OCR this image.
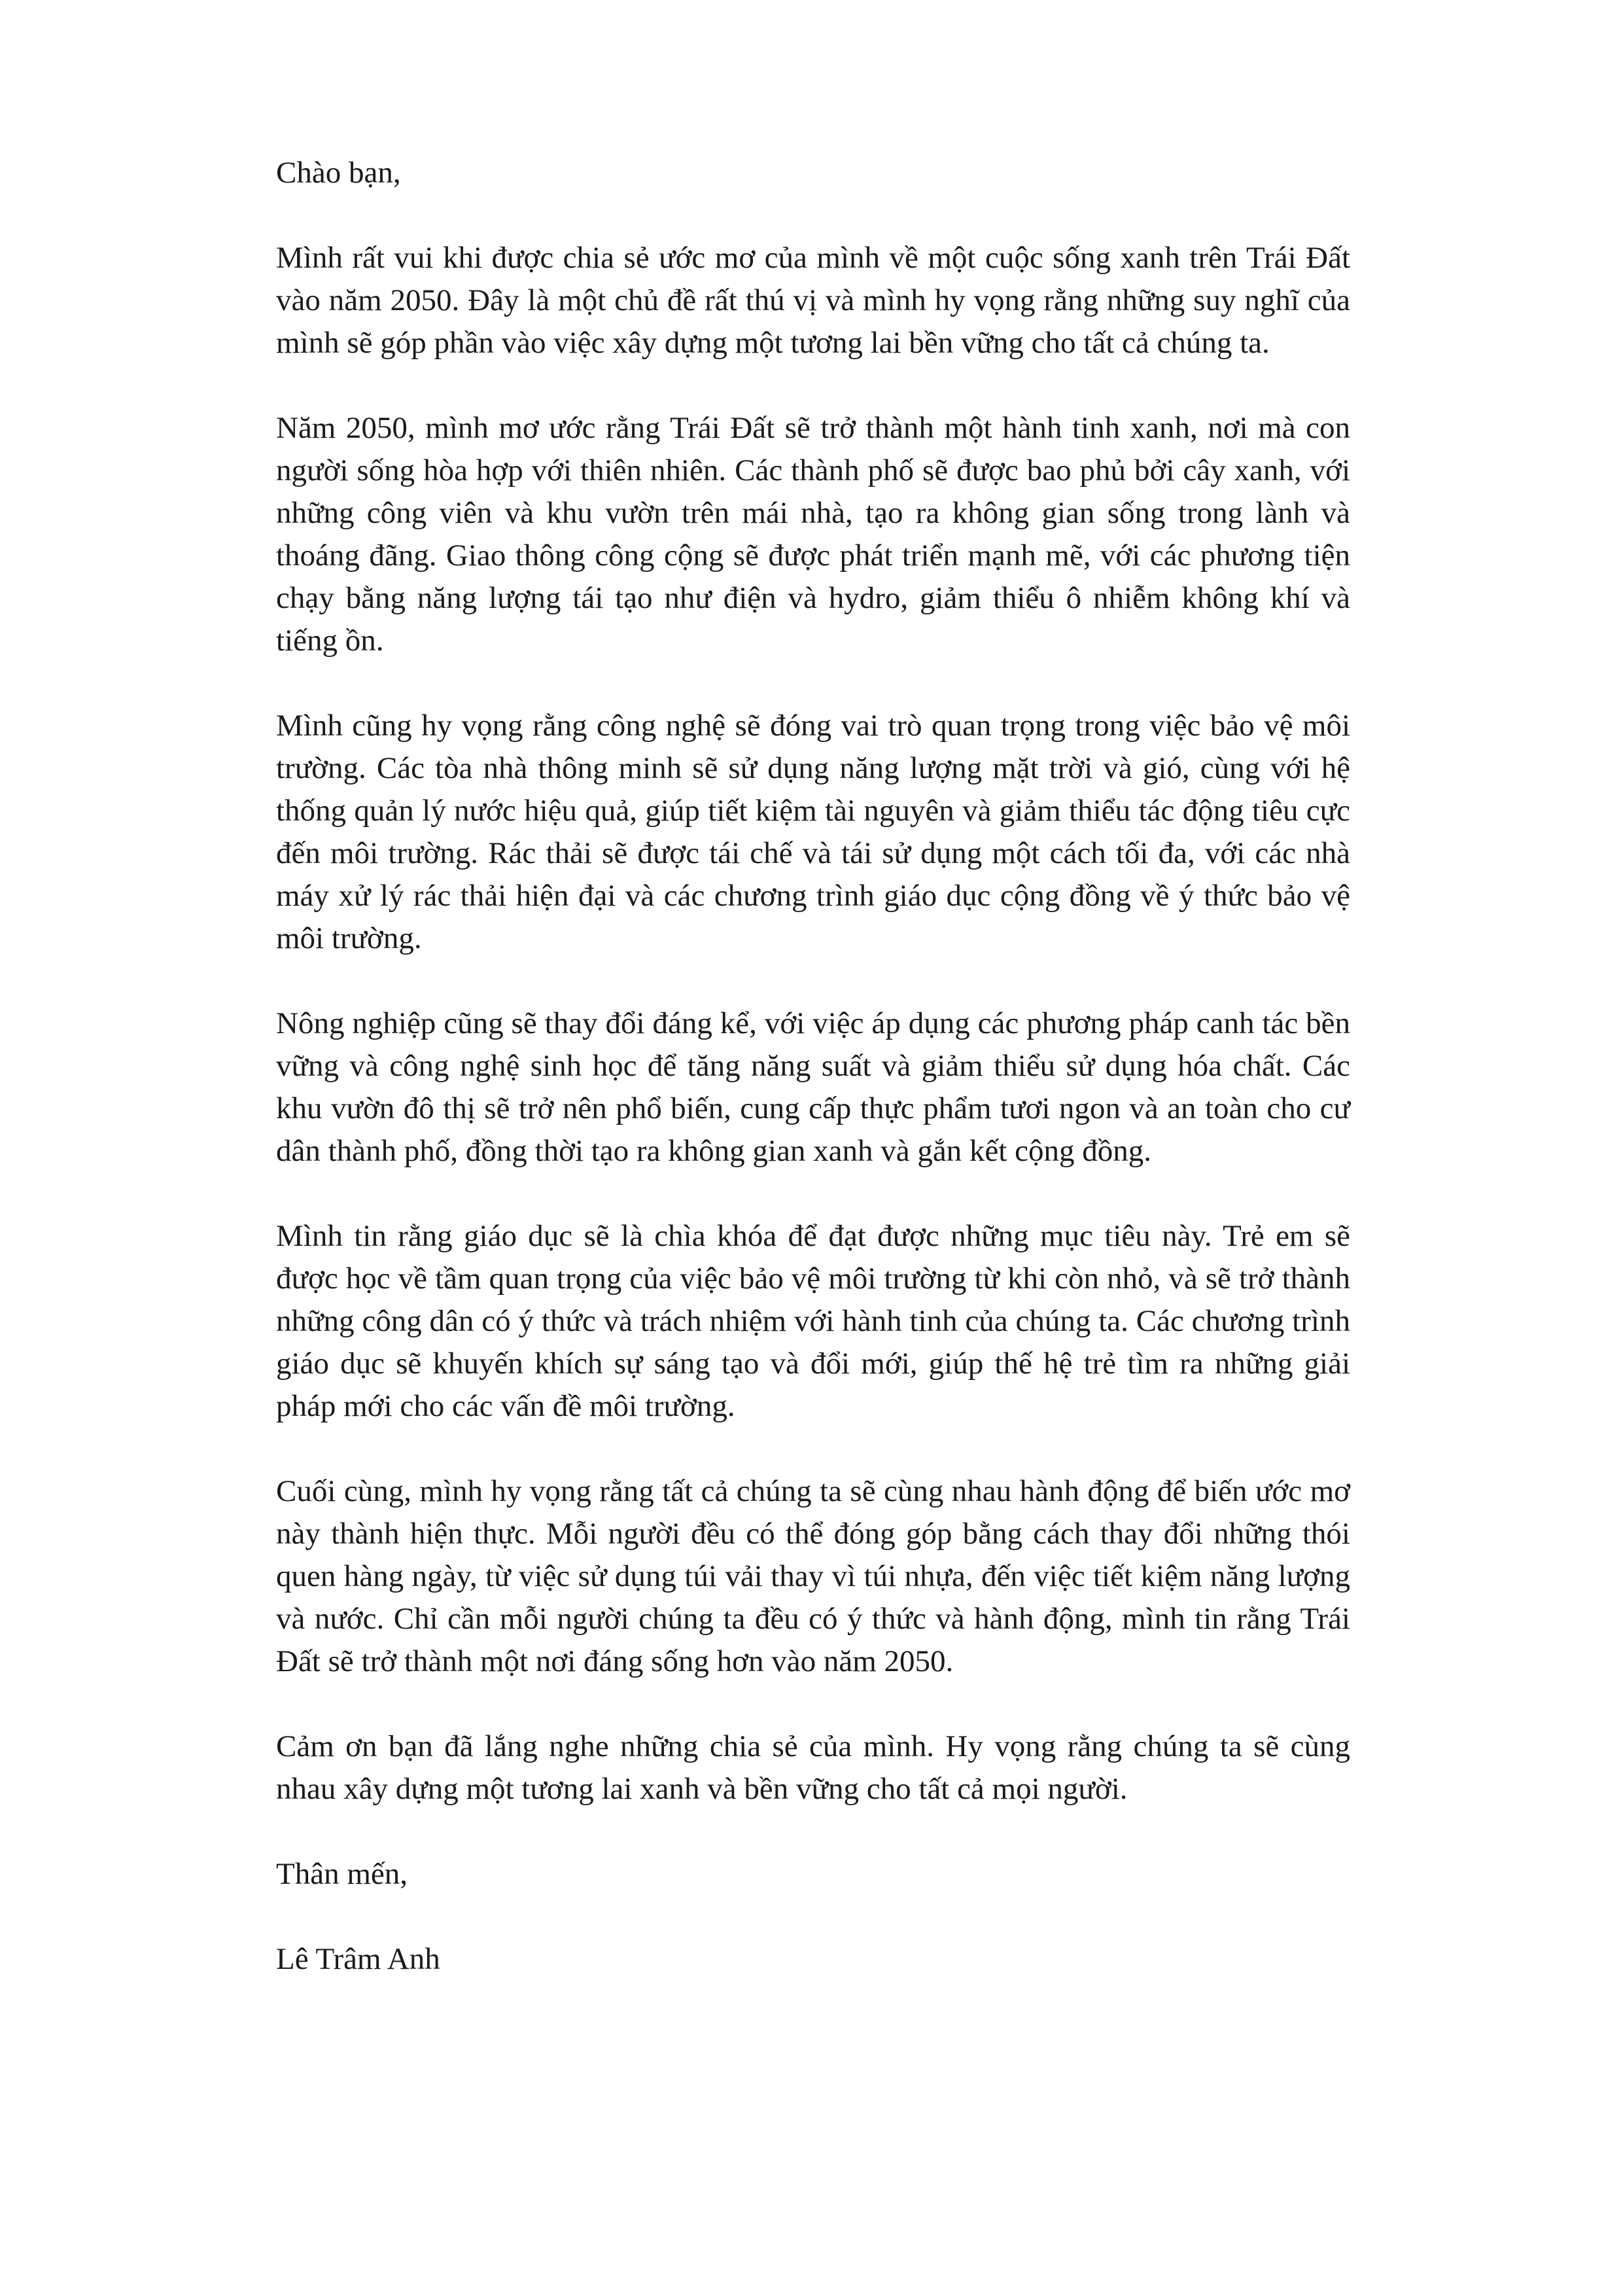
Chào bạn,

Mình rất vui khi được chia sẻ ước mơ của mình về một cuộc sống xanh trên Trái Đất vào năm 2050. Đây là một chủ đề rất thú vị và mình hy vọng rằng những suy nghĩ của mình sẽ góp phần vào việc xây dựng một tương lai bền vững cho tất cả chúng ta.

Năm 2050, mình mơ ước rằng Trái Đất sẽ trở thành một hành tinh xanh, nơi mà con người sống hòa hợp với thiên nhiên. Các thành phố sẽ được bao phủ bởi cây xanh, với những công viên và khu vườn trên mái nhà, tạo ra không gian sống trong lành và thoáng đãng. Giao thông công cộng sẽ được phát triển mạnh mẽ, với các phương tiện chạy bằng năng lượng tái tạo như điện và hydro, giảm thiểu ô nhiễm không khí và tiếng ồn.

Mình cũng hy vọng rằng công nghệ sẽ đóng vai trò quan trọng trong việc bảo vệ môi trường. Các tòa nhà thông minh sẽ sử dụng năng lượng mặt trời và gió, cùng với hệ thống quản lý nước hiệu quả, giúp tiết kiệm tài nguyên và giảm thiểu tác động tiêu cực đến môi trường. Rác thải sẽ được tái chế và tái sử dụng một cách tối đa, với các nhà máy xử lý rác thải hiện đại và các chương trình giáo dục cộng đồng về ý thức bảo vệ môi trường.

Nông nghiệp cũng sẽ thay đổi đáng kể, với việc áp dụng các phương pháp canh tác bền vững và công nghệ sinh học để tăng năng suất và giảm thiểu sử dụng hóa chất. Các khu vườn đô thị sẽ trở nên phổ biến, cung cấp thực phẩm tươi ngon và an toàn cho cư dân thành phố, đồng thời tạo ra không gian xanh và gắn kết cộng đồng.

Mình tin rằng giáo dục sẽ là chìa khóa để đạt được những mục tiêu này. Trẻ em sẽ được học về tầm quan trọng của việc bảo vệ môi trường từ khi còn nhỏ, và sẽ trở thành những công dân có ý thức và trách nhiệm với hành tinh của chúng ta. Các chương trình giáo dục sẽ khuyến khích sự sáng tạo và đổi mới, giúp thế hệ trẻ tìm ra những giải pháp mới cho các vấn đề môi trường.

Cuối cùng, mình hy vọng rằng tất cả chúng ta sẽ cùng nhau hành động để biến ước mơ này thành hiện thực. Mỗi người đều có thể đóng góp bằng cách thay đổi những thói quen hàng ngày, từ việc sử dụng túi vải thay vì túi nhựa, đến việc tiết kiệm năng lượng và nước. Chỉ cần mỗi người chúng ta đều có ý thức và hành động, mình tin rằng Trái Đất sẽ trở thành một nơi đáng sống hơn vào năm 2050.

Cảm ơn bạn đã lắng nghe những chia sẻ của mình. Hy vọng rằng chúng ta sẽ cùng nhau xây dựng một tương lai xanh và bền vững cho tất cả mọi người.

Thân mến,

Lê Trâm Anh
